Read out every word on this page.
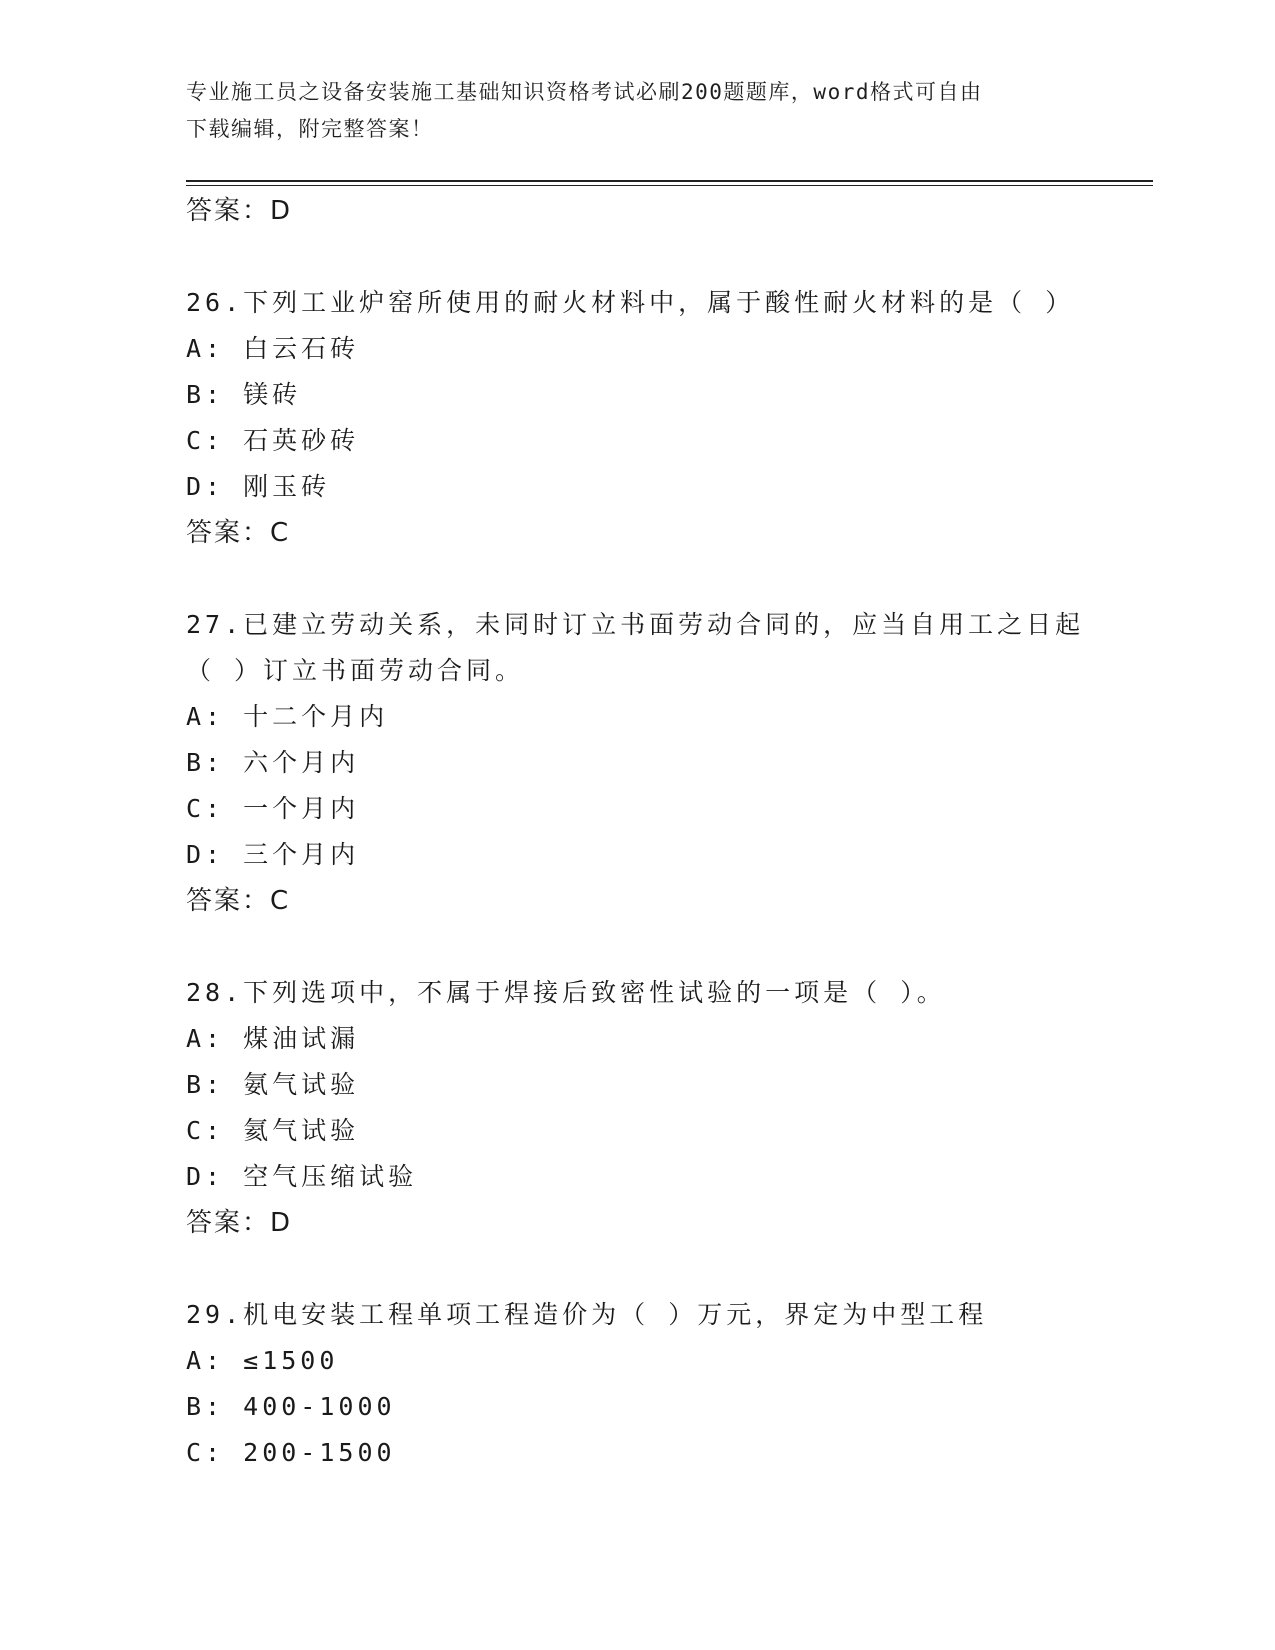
专业施工员之设备安装施工基础知识资格考试必刷200题题库，word格式可自由
下载编辑，附完整答案！
答案：D
26.下列工业炉窑所使用的耐火材料中，属于酸性耐火材料的是（ ）
A: 白云石砖
B: 镁砖
C: 石英砂砖
D: 刚玉砖
答案：C
27.已建立劳动关系，未同时订立书面劳动合同的，应当自用工之日起
（ ）订立书面劳动合同。
A: 十二个月内
B: 六个月内
C: 一个月内
D: 三个月内
答案：C
28.下列选项中，不属于焊接后致密性试验的一项是（ ）。
A: 煤油试漏
B: 氨气试验
C: 氦气试验
D: 空气压缩试验
答案：D
29.机电安装工程单项工程造价为（ ）万元，界定为中型工程
A: ≤1500
B: 400-1000
C: 200-1500
